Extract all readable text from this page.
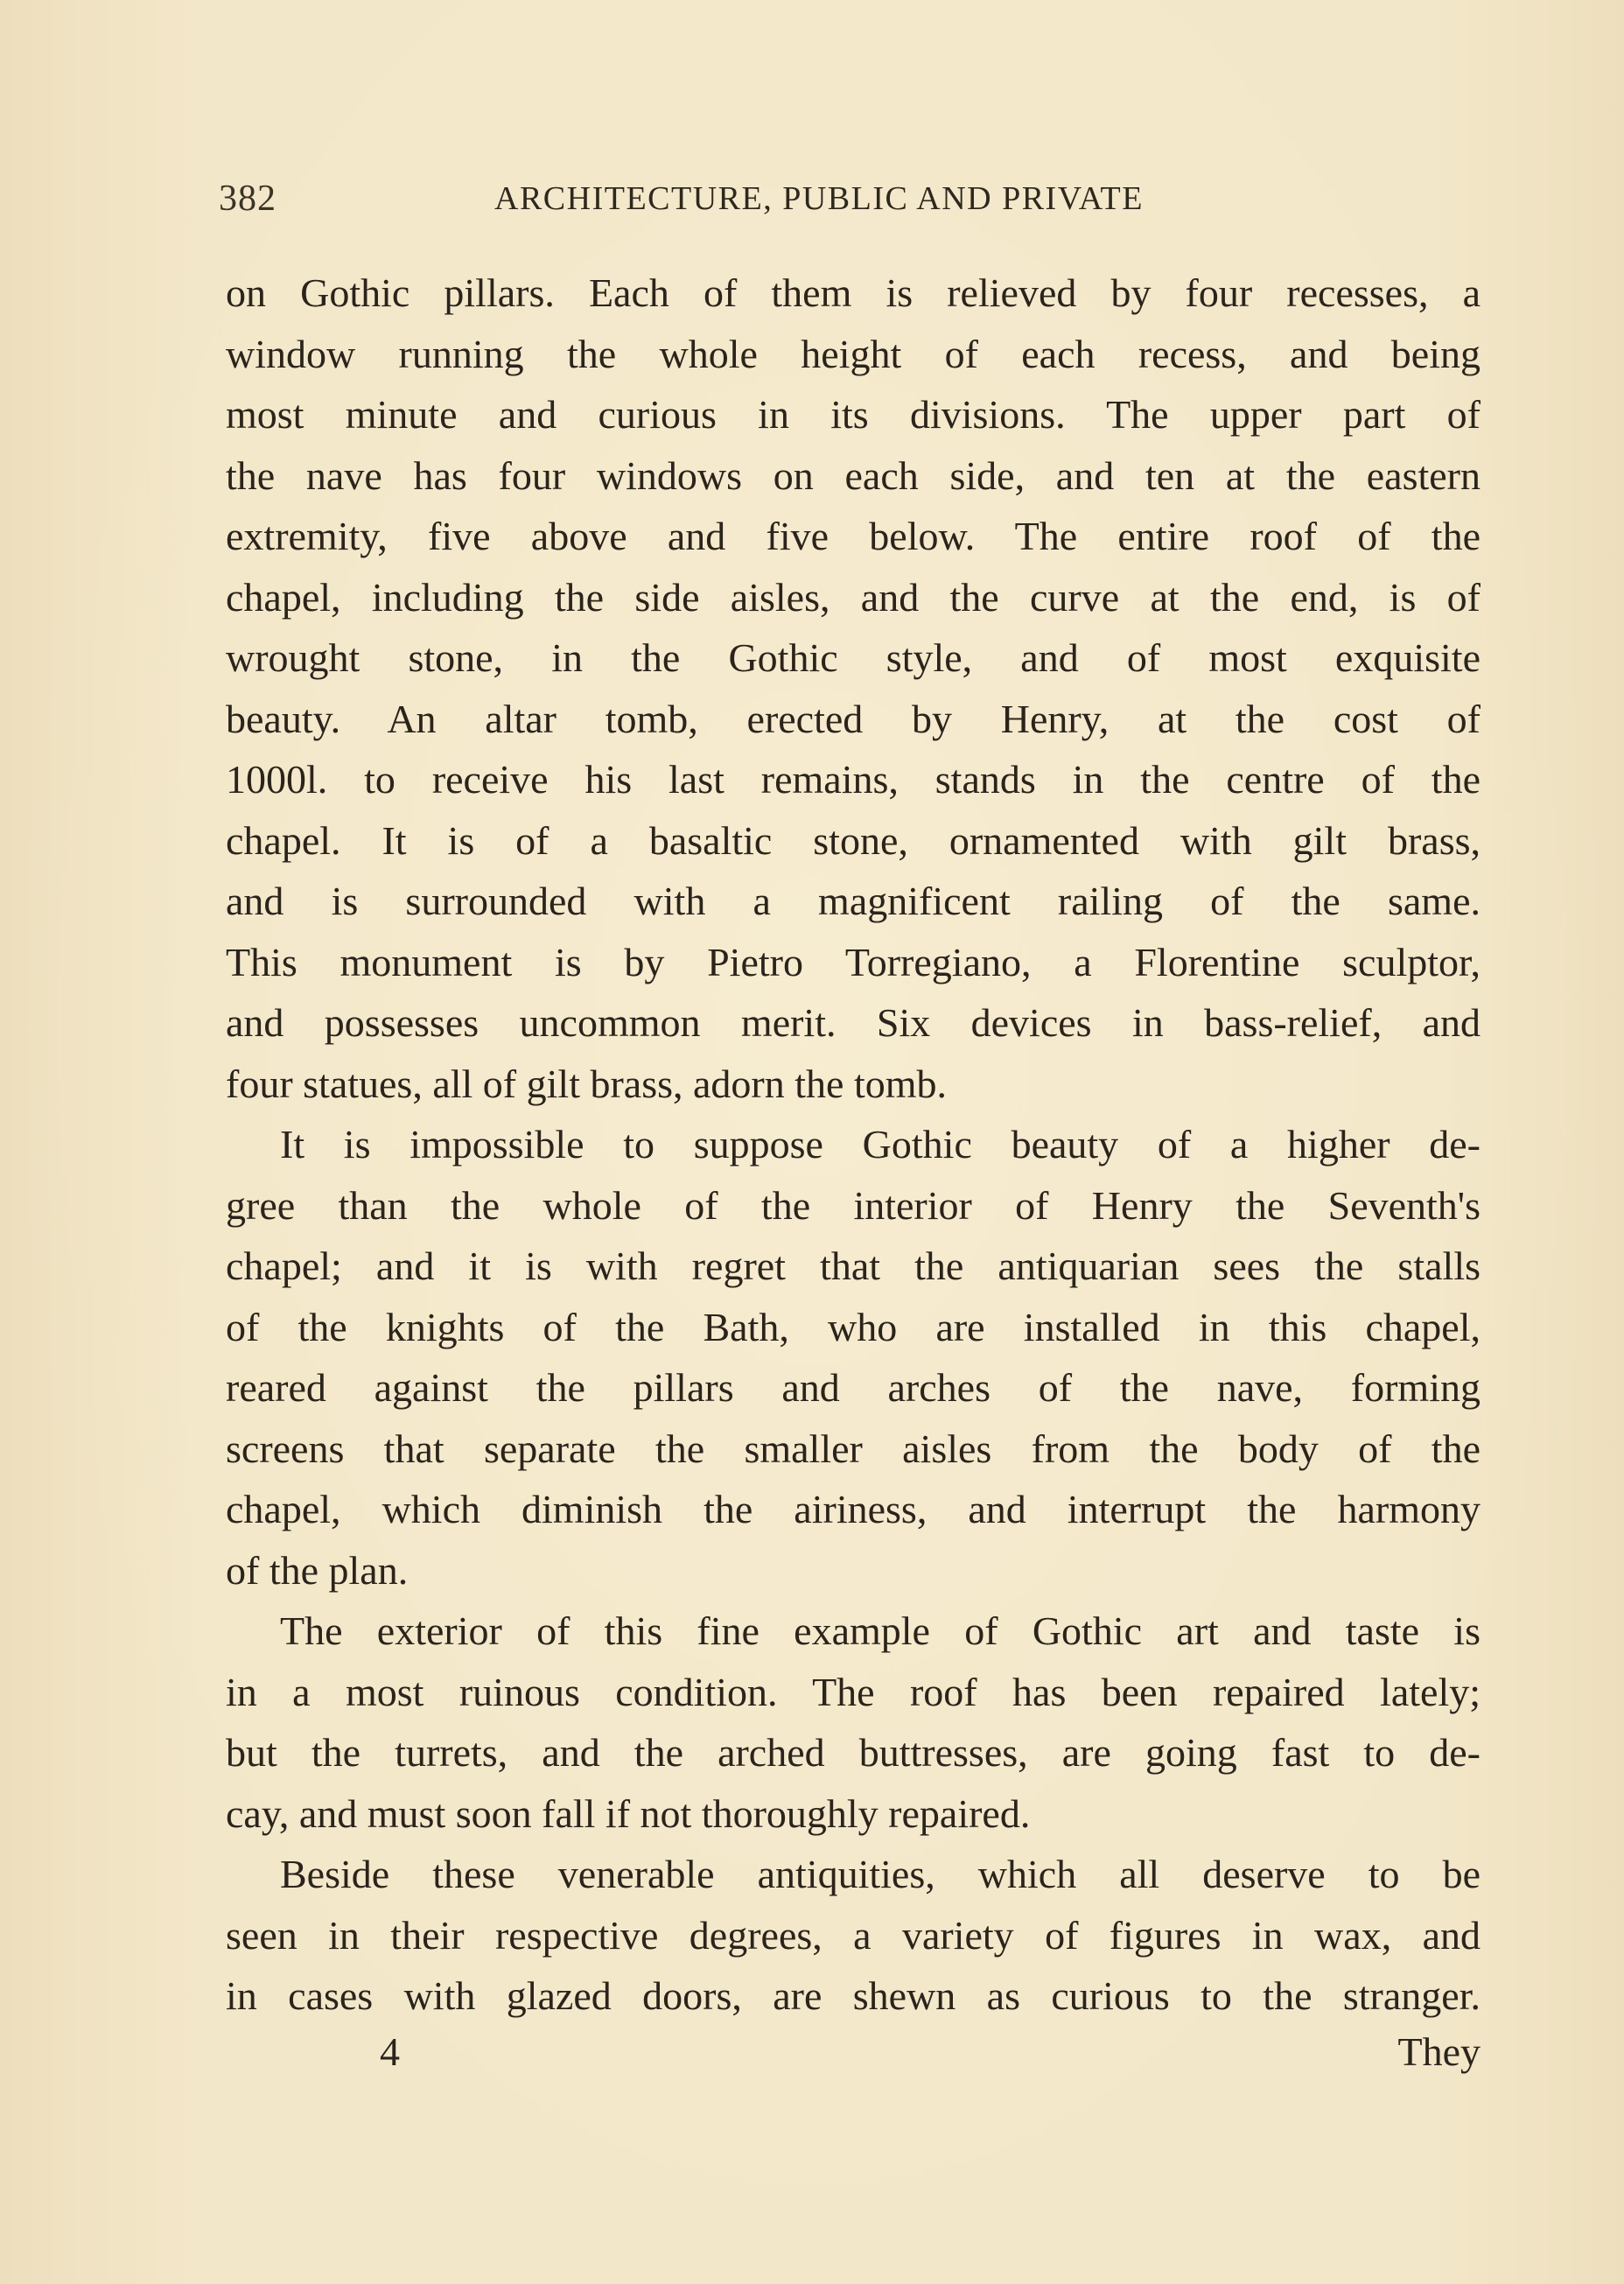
382	ARCHITECTURE, PUBLIC AND PRIVATE
on Gothic pillars. Each of them is relieved by four recesses, a
window running the whole height of each recess, and being
most minute and curious in its divisions. The upper part of
the nave has four windows on each side, and ten at the eastern
extremity, five above and five below. The entire roof of the
chapel, including the side aisles, and the curve at the end, is of
wrought stone, in the Gothic style, and of most exquisite
beauty. An altar tomb, erected by Henry, at the cost of
1000l. to receive his last remains, stands in the centre of the
chapel. It is of a basaltic stone, ornamented with gilt brass,
and is surrounded with a magnificent railing of the same.
This monument is by Pietro Torregiano, a Florentine sculptor,
and possesses uncommon merit. Six devices in bass-relief, and
four statues, all of gilt brass, adorn the tomb.
It is impossible to suppose Gothic beauty of a higher de-
gree than the whole of the interior of Henry the Seventh's
chapel; and it is with regret that the antiquarian sees the stalls
of the knights of the Bath, who are installed in this chapel,
reared against the pillars and arches of the nave, forming
screens that separate the smaller aisles from the body of the
chapel, which diminish the airiness, and interrupt the harmony
of the plan.
The exterior of this fine example of Gothic art and taste is
in a most ruinous condition. The roof has been repaired lately;
but the turrets, and the arched buttresses, are going fast to de-
cay, and must soon fall if not thoroughly repaired.
Beside these venerable antiquities, which all deserve to be
seen in their respective degrees, a variety of figures in wax, and
in cases with glazed doors, are shewn as curious to the stranger.
4	They
